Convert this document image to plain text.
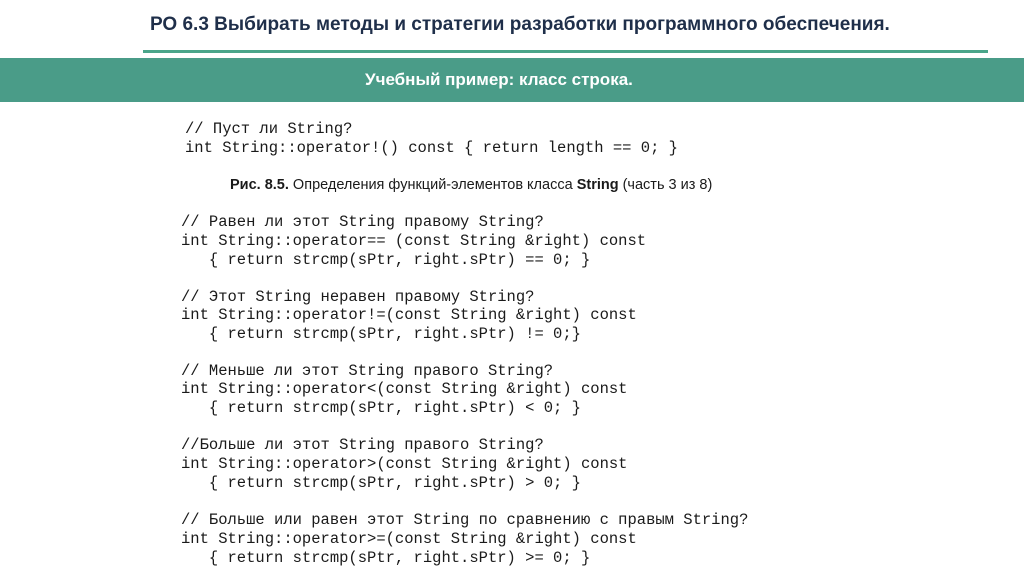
РО 6.3 Выбирать методы и стратегии разработки программного обеспечения.
Учебный пример: класс строка.
// Пуст ли String?
int String::operator!() const { return length == 0; }
Рис. 8.5. Определения функций-элементов класса String (часть 3 из 8)
// Равен ли этот String правому String?
int String::operator== (const String &right) const
{ return strcmp(sPtr, right.sPtr) == 0; }
// Этот String неравен правому String?
int String::operator!=(const String &right) const
{ return strcmp(sPtr, right.sPtr) != 0;}
// Меньше ли этот String правого String?
int String::operator<(const String &right) const
{ return strcmp(sPtr, right.sPtr) < 0; }
//Больше ли этот String правого String?
int String::operator>(const String &right) const
{ return strcmp(sPtr, right.sPtr) > 0; }
// Больше или равен этот String по сравнению с правым String?
int String::operator>=(const String &right) const
{ return strcmp(sPtr, right.sPtr) >= 0; }
